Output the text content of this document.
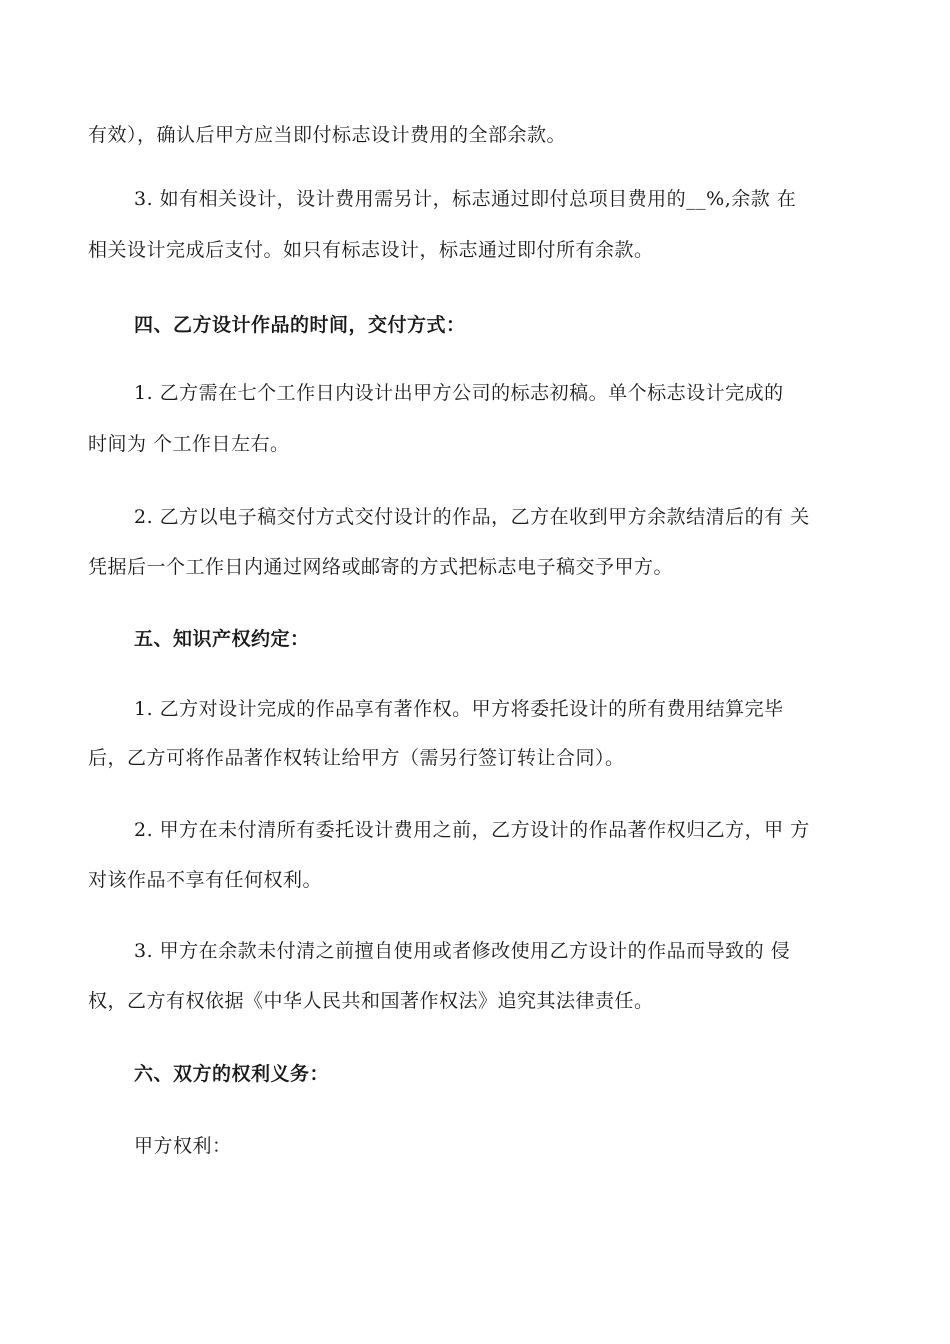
有效），确认后甲方应当即付标志设计费用的全部余款。
3. 如有相关设计，设计费用需另计，标志通过即付总项目费用的__%,余款 在
相关设计完成后支付。如只有标志设计，标志通过即付所有余款。
四、乙方设计作品的时间，交付方式：
1. 乙方需在七个工作日内设计出甲方公司的标志初稿。单个标志设计完成的
时间为 个工作日左右。
2. 乙方以电子稿交付方式交付设计的作品，乙方在收到甲方余款结清后的有 关
凭据后一个工作日内通过网络或邮寄的方式把标志电子稿交予甲方。
五、知识产权约定：
1. 乙方对设计完成的作品享有著作权。甲方将委托设计的所有费用结算完毕
后，乙方可将作品著作权转让给甲方（需另行签订转让合同）。
2. 甲方在未付清所有委托设计费用之前，乙方设计的作品著作权归乙方，甲 方
对该作品不享有任何权利。
3. 甲方在余款未付清之前擅自使用或者修改使用乙方设计的作品而导致的 侵
权，乙方有权依据《中华人民共和国著作权法》追究其法律责任。
六、双方的权利义务：
甲方权利：
